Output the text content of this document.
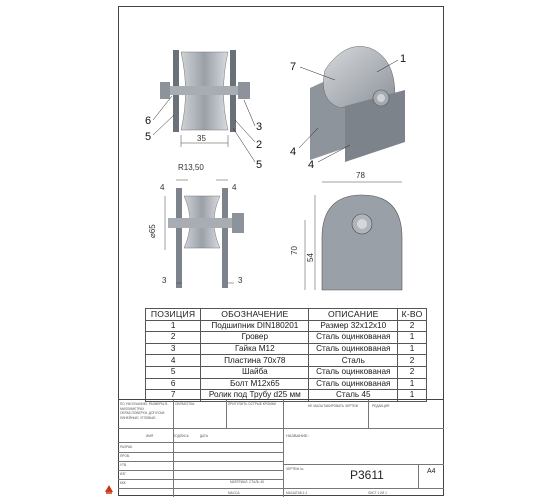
35
6
5
3
2
5
7
1
4
4
R13,50
4	4
⌀65
3	3
78
70
54
ПОЗИЦИЯ	ОБОЗНАЧЕНИЕ	ОПИСАНИЕ	К-ВО
1	Подшипник DIN180201	Размер 32х12х10	2
2	Гровер	Сталь оцинкованая	1
3	Гайка М12	Сталь оцинкованая	1
4	Пластина 70х78	Сталь	2
5	Шайба	Сталь оцинкованая	2
6	Болт М12х65	Сталь оцинкованая	1
7	Ролик под Трубу d25 мм	Сталь 45	1
ПО УМОЛЧАНИЮ: РАЗМЕРЫ В МИЛЛИМЕТРАХ ОБРАБ.ПОВЕРХН. ДОПУСКИ: ЛИНЕЙНЫЕ: УГЛОВЫЕ:
ОБРАБОТКА:	ПРИТУПИТЬ ОСТРЫЕ КРОМКИ	НЕ МАСШТАБИРОВАТЬ ЧЕРТЕЖ	РЕДАКЦИЯ
ИМЯ	ПОДПИСЬ	ДАТА	НАЗВАНИЕ:
РАЗРАБ.
ПРОВ.
УТВ.
ИЗГ.
ККК	МАТЕРИАЛ: СТАЛЬ 45
ЧЕРТЕЖ №
МАССА:	МАСШТАБ:1:1	ЛИСТ 1 ИЗ 1
Р3611	A4
